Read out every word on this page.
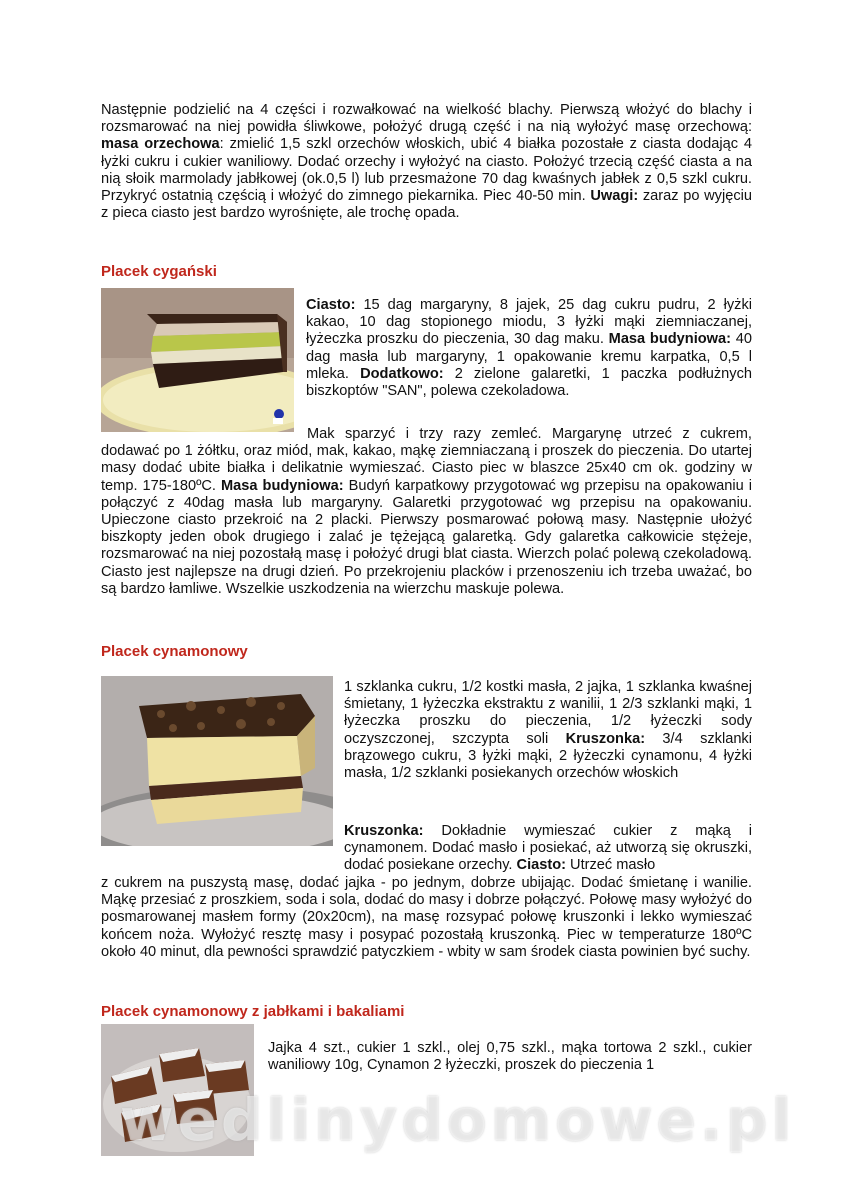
Następnie podzielić na 4 części i rozwałkować na wielkość blachy. Pierwszą włożyć do blachy i rozsmarować na niej powidła śliwkowe, położyć drugą część i na nią wyłożyć masę orzechową: masa orzechowa: zmielić 1,5 szkl orzechów włoskich, ubić 4 białka pozostałe z ciasta dodając 4 łyżki cukru i cukier waniliowy. Dodać orzechy i wyłożyć na ciasto. Położyć trzecią część ciasta a na nią słoik marmolady jabłkowej (ok.0,5 l) lub przesmażone 70 dag kwaśnych jabłek z 0,5 szkl cukru. Przykryć ostatnią częścią i włożyć do zimnego piekarnika. Piec 40-50 min. Uwagi: zaraz po wyjęciu z pieca ciasto jest bardzo wyrośnięte, ale trochę opada.

Placek cygański

Ciasto: 15 dag margaryny, 8 jajek, 25 dag cukru pudru, 2 łyżki kakao, 10 dag stopionego miodu, 3 łyżki mąki ziemniaczanej, łyżeczka proszku do pieczenia, 30 dag maku. Masa budyniowa: 40 dag masła lub margaryny, 1 opakowanie kremu karpatka, 0,5 l mleka. Dodatkowo: 2 zielone galaretki, 1 paczka podłużnych biszkoptów "SAN", polewa czekoladowa.

Mak sparzyć i trzy razy zemleć. Margarynę utrzeć z cukrem, dodawać po 1 żółtku, oraz miód, mak, kakao, mąkę ziemniaczaną i proszek do pieczenia. Do utartej masy dodać ubite białka i delikatnie wymieszać. Ciasto piec w blaszce 25x40 cm ok. godziny w temp. 175-180ºC. Masa budyniowa: Budyń karpatkowy przygotować wg przepisu na opakowaniu i połączyć z 40dag masła lub margaryny. Galaretki przygotować wg przepisu na opakowaniu. Upieczone ciasto przekroić na 2 placki. Pierwszy posmarować połową masy. Następnie ułożyć biszkopty jeden obok drugiego i zalać je tężejącą galaretką. Gdy galaretka całkowicie stężeje, rozsmarować na niej pozostałą masę i położyć drugi blat ciasta. Wierzch polać polewą czekoladową. Ciasto jest najlepsze na drugi dzień. Po przekrojeniu placków i przenoszeniu ich trzeba uważać, bo są bardzo łamliwe. Wszelkie uszkodzenia na wierzchu maskuje polewa.

Placek cynamonowy

1 szklanka cukru, 1/2 kostki masła, 2 jajka, 1 szklanka kwaśnej śmietany, 1 łyżeczka ekstraktu z wanilii, 1 2/3 szklanki mąki, 1 łyżeczka proszku do pieczenia, 1/2 łyżeczki sody oczyszczonej, szczypta soli Kruszonka: 3/4 szklanki brązowego cukru, 3 łyżki mąki, 2 łyżeczki cynamonu, 4 łyżki masła, 1/2 szklanki posiekanych orzechów włoskich

Kruszonka: Dokładnie wymieszać cukier z mąką i cynamonem. Dodać masło i posiekać, aż utworzą się okruszki, dodać posiekane orzechy. Ciasto: Utrzeć masło

z cukrem na puszystą masę, dodać jajka - po jednym, dobrze ubijając. Dodać śmietanę i wanilie. Mąkę przesiać z proszkiem, soda i sola, dodać do masy i dobrze połączyć. Połowę masy wyłożyć do posmarowanej masłem formy (20x20cm), na masę rozsypać połowę kruszonki i lekko wymieszać końcem noża. Wyłożyć resztę masy i posypać pozostałą kruszonką. Piec w temperaturze 180ºC około 40 minut, dla pewności sprawdzić patyczkiem - wbity w sam środek ciasta powinien być suchy.

Placek cynamonowy z jabłkami i bakaliami

Jajka 4 szt., cukier 1 szkl., olej 0,75 szkl., mąka tortowa 2 szkl., cukier waniliowy 10g, Cynamon 2 łyżeczki, proszek do pieczenia 1

wedlinydomowe.pl
